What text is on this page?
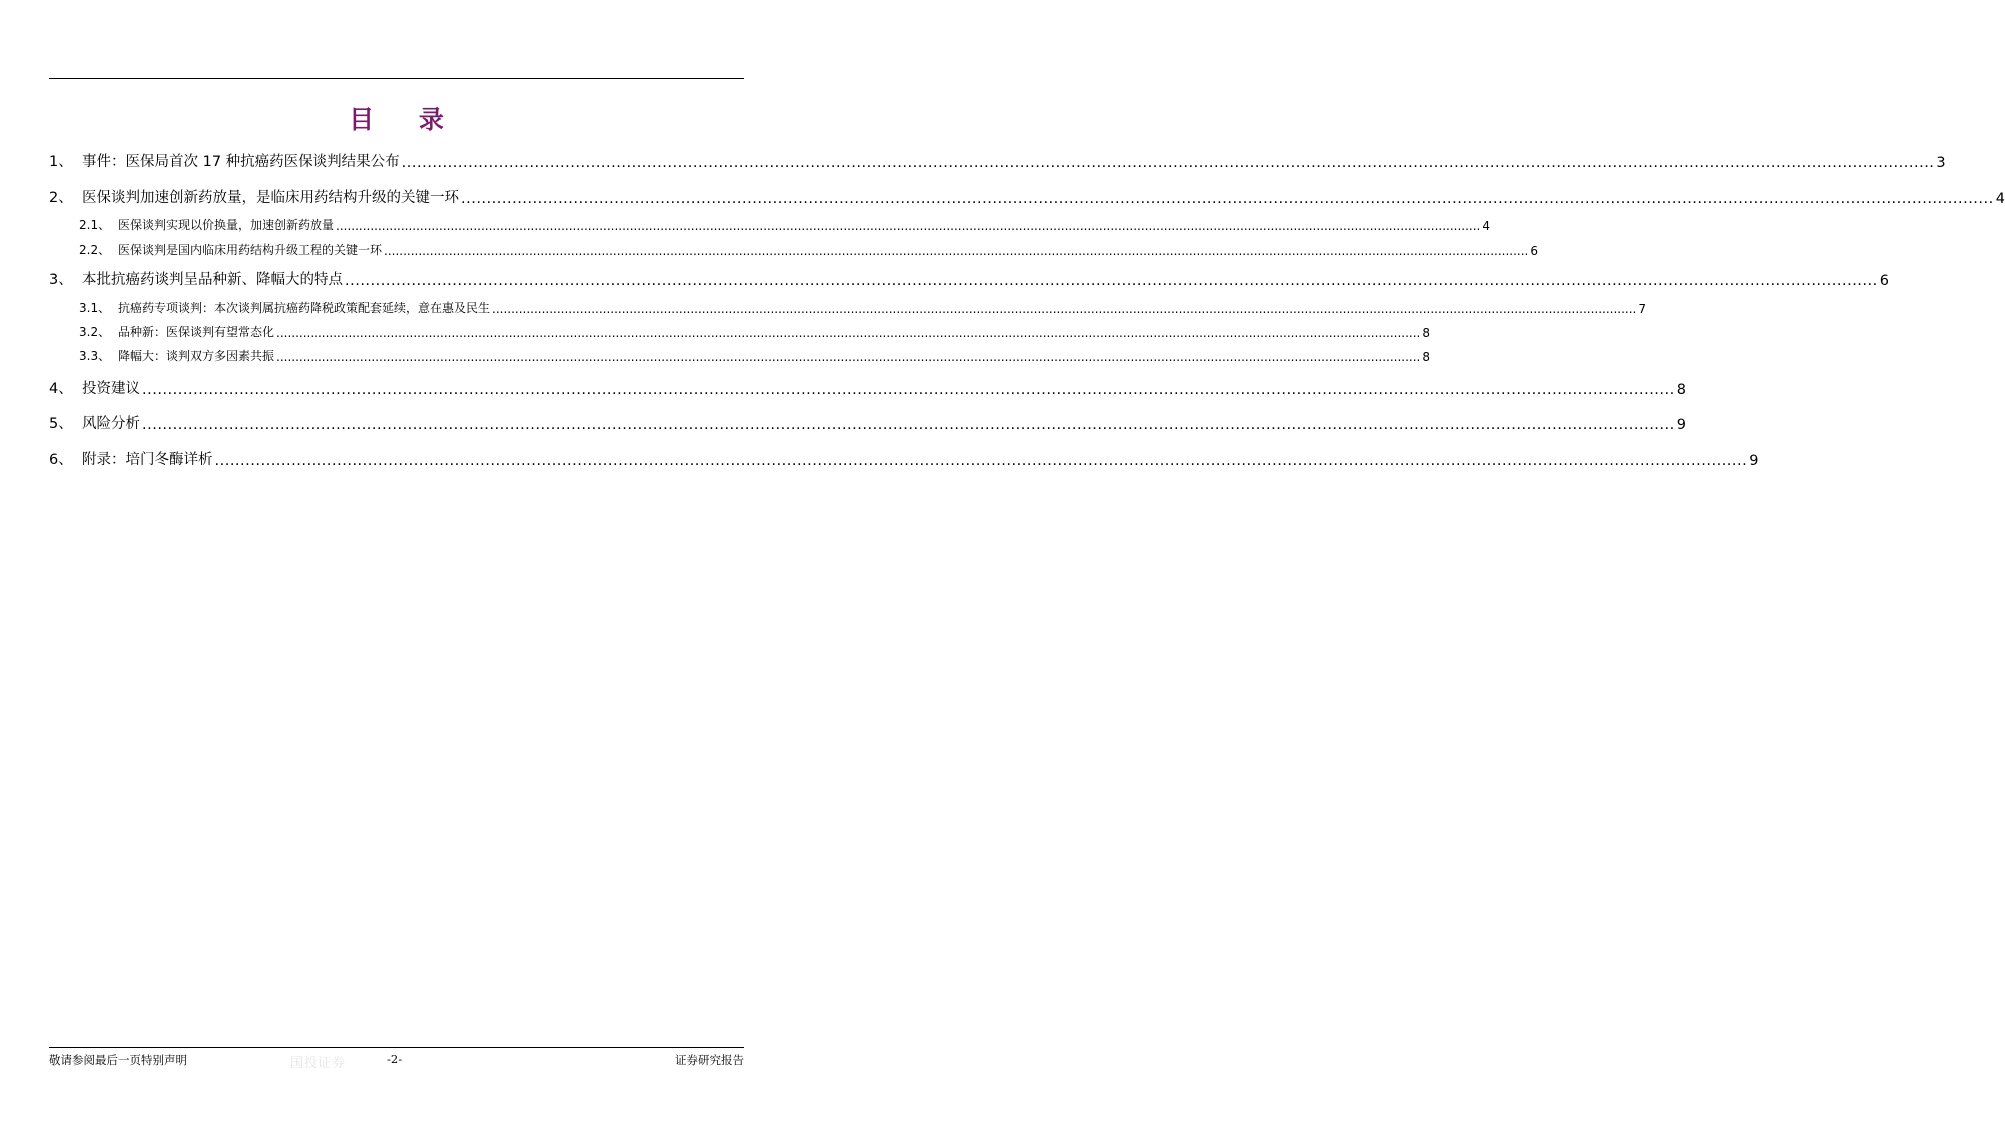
目 录
1、 事件：医保局首次 17 种抗癌药医保谈判结果公布 ............................................................................................................................................................................................................................................................................................................ 3
2、 医保谈判加速创新药放量，是临床用药结构升级的关键一环 ............................................................................................................................................................................................................................................................................................................ 4
2.1、 医保谈判实现以价换量，加速创新药放量 ............................................................................................................................................................................................................................................................................................................ 4
2.2、 医保谈判是国内临床用药结构升级工程的关键一环 ............................................................................................................................................................................................................................................................................................................ 6
3、 本批抗癌药谈判呈品种新、降幅大的特点 ............................................................................................................................................................................................................................................................................................................ 6
3.1、 抗癌药专项谈判：本次谈判属抗癌药降税政策配套延续，意在惠及民生 ............................................................................................................................................................................................................................................................................................................ 7
3.2、 品种新：医保谈判有望常态化 ............................................................................................................................................................................................................................................................................................................ 8
3.3、 降幅大：谈判双方多因素共振 ............................................................................................................................................................................................................................................................................................................ 8
4、 投资建议 ............................................................................................................................................................................................................................................................................................................ 8
5、 风险分析 ............................................................................................................................................................................................................................................................................................................ 9
6、 附录：培门冬酶详析 ............................................................................................................................................................................................................................................................................................................ 9
敬请参阅最后一页特别声明	国投证券	-2-	证券研究报告
